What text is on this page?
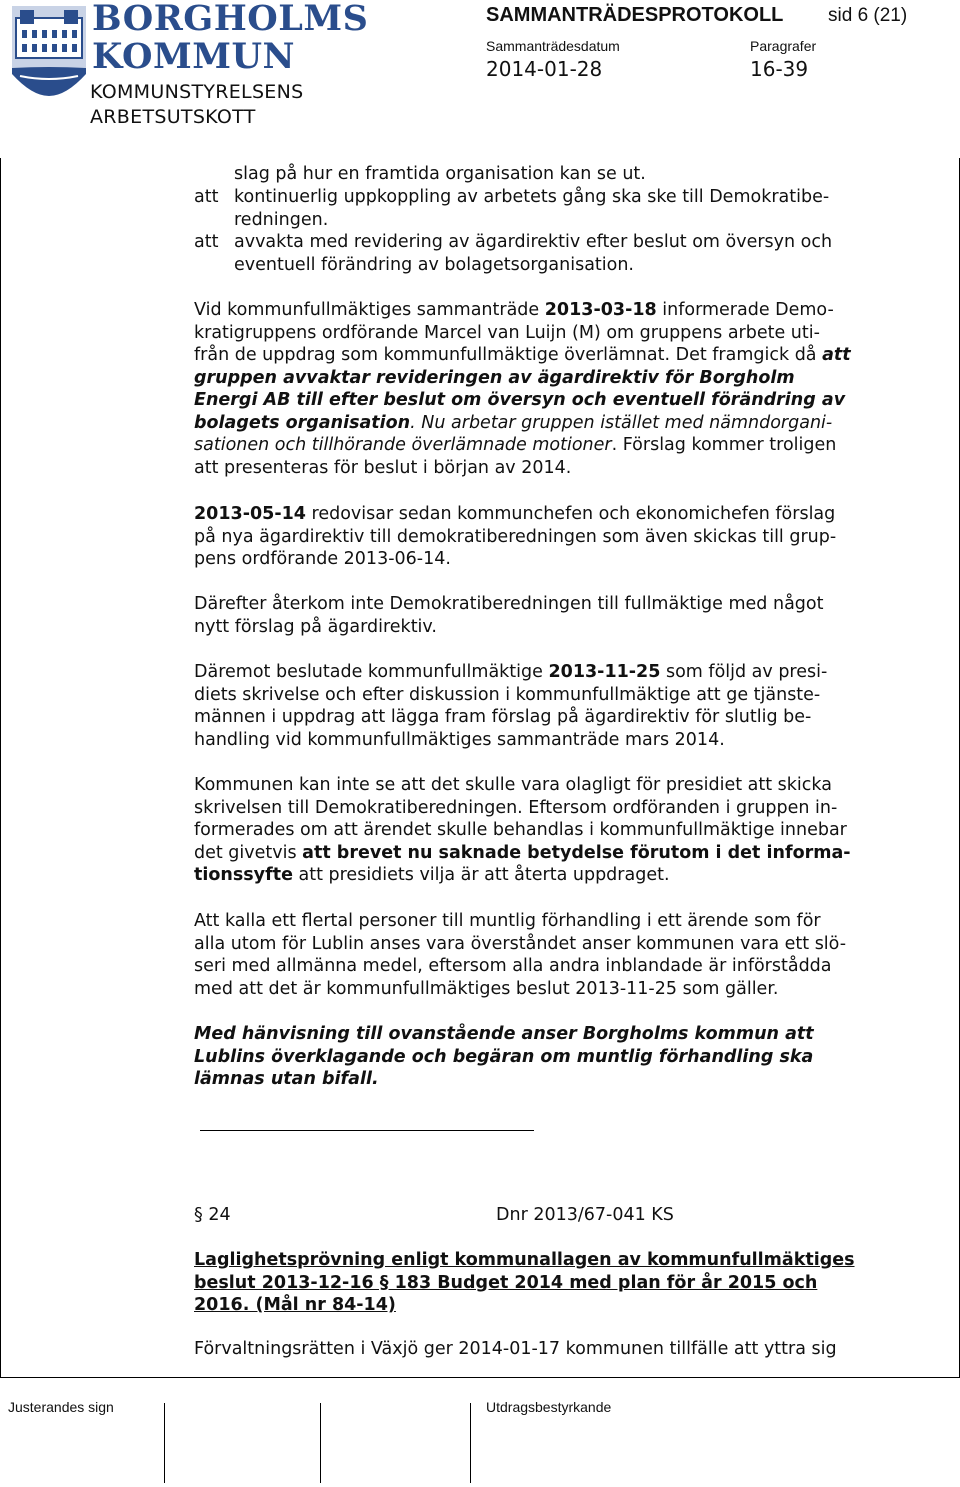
BORGHOLMS
KOMMUN
KOMMUNSTYRELSENS
ARBETSUTSKOTT
SAMMANTRÄDESPROTOKOLL sid 6 (21)
Sammanträdesdatum
2014-01-28
Paragrafer
16-39
slag på hur en framtida organisation kan se ut.
att kontinuerlig uppkoppling av arbetets gång ska ske till Demokratibe-
redningen.
att avvakta med revidering av ägardirektiv efter beslut om översyn och
eventuell förändring av bolagetsorganisation.
Vid kommunfullmäktiges sammanträde 2013-03-18 informerade Demo-
kratigruppens ordförande Marcel van Luijn (M) om gruppens arbete uti-
från de uppdrag som kommunfullmäktige överlämnat. Det framgick då att
gruppen avvaktar revideringen av ägardirektiv för Borgholm
Energi AB till efter beslut om översyn och eventuell förändring av
bolagets organisation. Nu arbetar gruppen istället med nämndorgani-
sationen och tillhörande överlämnade motioner. Förslag kommer troligen
att presenteras för beslut i början av 2014.
2013-05-14 redovisar sedan kommunchefen och ekonomichefen förslag
på nya ägardirektiv till demokratiberedningen som även skickas till grup-
pens ordförande 2013-06-14.
Därefter återkom inte Demokratiberedningen till fullmäktige med något
nytt förslag på ägardirektiv.
Däremot beslutade kommunfullmäktige 2013-11-25 som följd av presi-
diets skrivelse och efter diskussion i kommunfullmäktige att ge tjänste-
männen i uppdrag att lägga fram förslag på ägardirektiv för slutlig be-
handling vid kommunfullmäktiges sammanträde mars 2014.
Kommunen kan inte se att det skulle vara olagligt för presidiet att skicka
skrivelsen till Demokratiberedningen. Eftersom ordföranden i gruppen in-
formerades om att ärendet skulle behandlas i kommunfullmäktige innebar
det givetvis att brevet nu saknade betydelse förutom i det informa-
tionssyfte att presidiets vilja är att återta uppdraget.
Att kalla ett flertal personer till muntlig förhandling i ett ärende som för
alla utom för Lublin anses vara överståndet anser kommunen vara ett slö-
seri med allmänna medel, eftersom alla andra inblandade är införstådda
med att det är kommunfullmäktiges beslut 2013-11-25 som gäller.
Med hänvisning till ovanstående anser Borgholms kommun att
Lublins överklagande och begäran om muntlig förhandling ska
lämnas utan bifall.
§ 24	Dnr 2013/67-041 KS
Laglighetsprövning enligt kommunallagen av kommunfullmäktiges
beslut 2013-12-16 § 183 Budget 2014 med plan för år 2015 och
2016. (Mål nr 84-14)
Förvaltningsrätten i Växjö ger 2014-01-17 kommunen tillfälle att yttra sig
Justerandes sign	Utdragsbestyrkande
